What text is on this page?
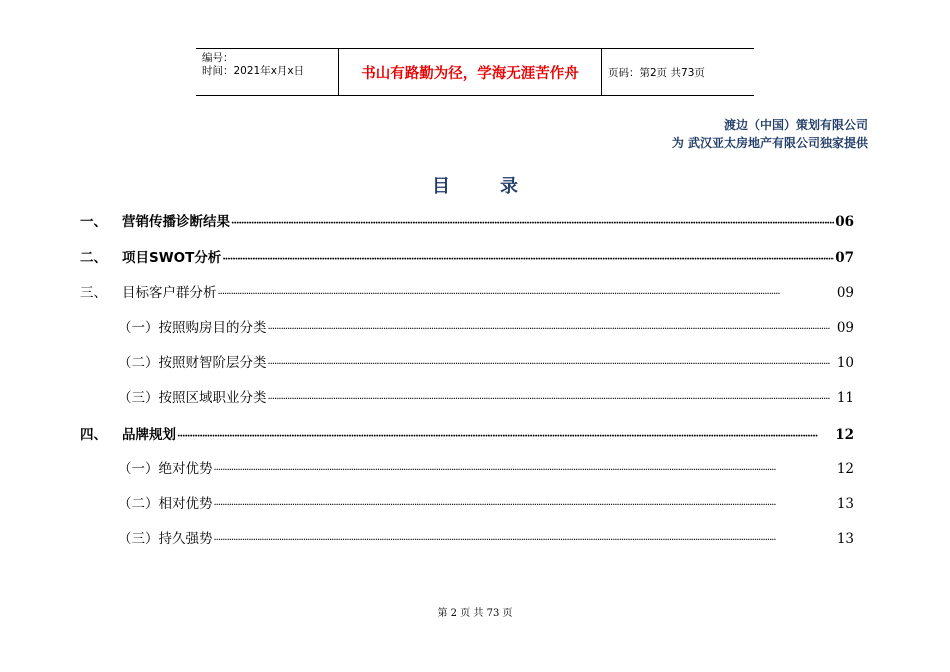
编号：
时间：2021年x月x日	书山有路勤为径，学海无涯苦作舟	页码：第2页 共73页
渡边（中国）策划有限公司
为 武汉亚太房地产有限公司独家提供
目录
一、	营销传播诊断结果 ·····	06
二、	项目SWOT分析 ·····	07
三、	目标客户群分析 ·····	09
（一）按照购房目的分类 ·····	09
（二）按照财智阶层分类 ·····	10
（三）按照区域职业分类 ·····	11
四、	品牌规划 ·····	12
（一）绝对优势 ·····	12
（二）相对优势 ·····	13
（三）持久强势 ·····	13
第 2 页 共 73 页
